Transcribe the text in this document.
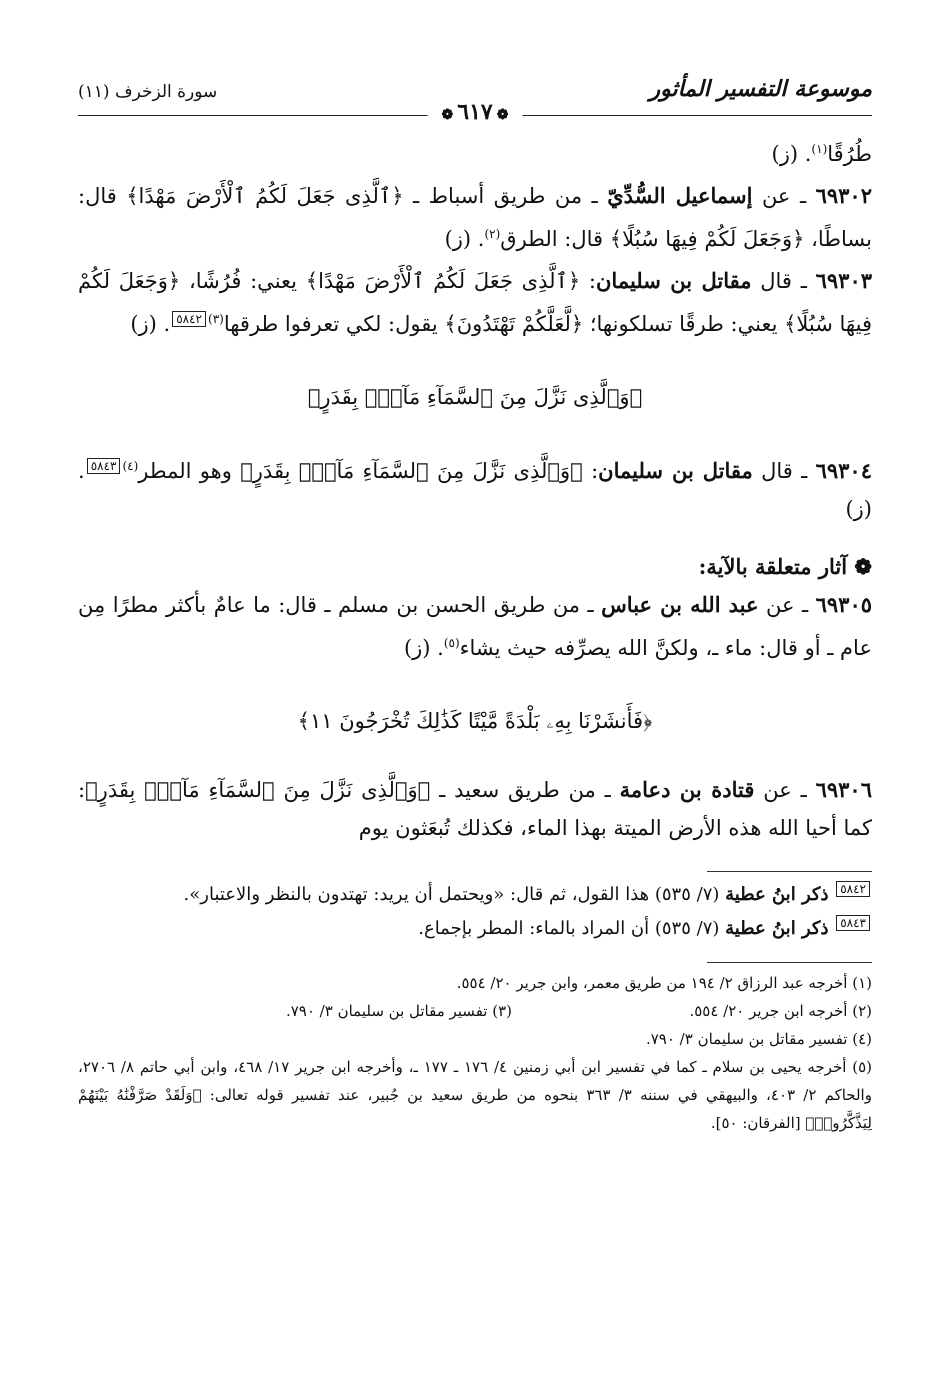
موسوعة التفسير المأثور
سورة الزخرف (١١)
❁٦١٧❁

طُرُقًا$^{(١)}$. (ز)

٦٩٣٠٢ ـ عن إسماعيل السُّدِّيّ ـ من طريق أسباط ـ ﴿ٱلَّذِى جَعَلَ لَكُمُ ٱلْأَرْضَ مَهْدًا﴾ قال: بساطًا، ﴿وَجَعَلَ لَكُمْ فِيهَا سُبُلًا﴾ قال: الطرق$^{(٢)}$. (ز)

٦٩٣٠٣ ـ قال مقاتل بن سليمان: ﴿ٱلَّذِى جَعَلَ لَكُمُ ٱلْأَرْضَ مَهْدًا﴾ يعني: فُرُشًا، ﴿وَجَعَلَ لَكُمْ فِيهَا سُبُلًا﴾ يعني: طرقًا تسلكونها؛ ﴿لَّعَلَّكُمْ تَهْتَدُونَ﴾ يقول: لكي تعرفوا طرقها$^{(٣)}$٥٨٤٢. (ز)

﴿وَٱلَّذِى نَزَّلَ مِنَ ٱلسَّمَآءِ مَآءًۢ بِقَدَرٍ﴾

٦٩٣٠٤ ـ قال مقاتل بن سليمان: ﴿وَٱلَّذِى نَزَّلَ مِنَ ٱلسَّمَآءِ مَآءًۢ بِقَدَرٍ﴾ وهو المطر$^{(٤)}$٥٨٤٣. (ز)

❁ آثار متعلقة بالآية:

٦٩٣٠٥ ـ عن عبد الله بن عباس ـ من طريق الحسن بن مسلم ـ قال: ما عامٌ بأكثر مطرًا مِن عام ـ أو قال: ماء ـ، ولكنَّ الله يصرِّفه حيث يشاء$^{(٥)}$. (ز)

﴿فَأَنشَرْنَا بِهِۦ بَلْدَةً مَّيْتًا كَذَٰلِكَ تُخْرَجُونَ ١١﴾

٦٩٣٠٦ ـ عن قتادة بن دعامة ـ من طريق سعيد ـ ﴿وَٱلَّذِى نَزَّلَ مِنَ ٱلسَّمَآءِ مَآءًۢ بِقَدَرٍ﴾: كما أحيا الله هذه الأرض الميتة بهذا الماء، فكذلك تُبعَثون يوم

٥٨٤٢ ذكر ابنُ عطية (٧/ ٥٣٥) هذا القول، ثم قال: «ويحتمل أن يريد: تهتدون بالنظر والاعتبار».

٥٨٤٣ ذكر ابنُ عطية (٧/ ٥٣٥) أن المراد بالماء: المطر بإجماع.

(١) أخرجه عبد الرزاق ٢/ ١٩٤ من طريق معمر، وابن جرير ٢٠/ ٥٥٤.

(٢) أخرجه ابن جرير ٢٠/ ٥٥٤.
(٣) تفسير مقاتل بن سليمان ٣/ ٧٩٠.

(٤) تفسير مقاتل بن سليمان ٣/ ٧٩٠.

(٥) أخرجه يحيى بن سلام ـ كما في تفسير ابن أبي زمنين ٤/ ١٧٦ ـ ١٧٧ ـ، وأخرجه ابن جرير ١٧/ ٤٦٨، وابن أبي حاتم ٨/ ٢٧٠٦، والحاكم ٢/ ٤٠٣، والبيهقي في سننه ٣/ ٣٦٣ بنحوه من طريق سعيد بن جُبير، عند تفسير قوله تعالى: ﴿وَلَقَدْ صَرَّفْنَٰهُ بَيْنَهُمْ لِيَذَّكَّرُوا۟﴾ [الفرقان: ٥٠].
